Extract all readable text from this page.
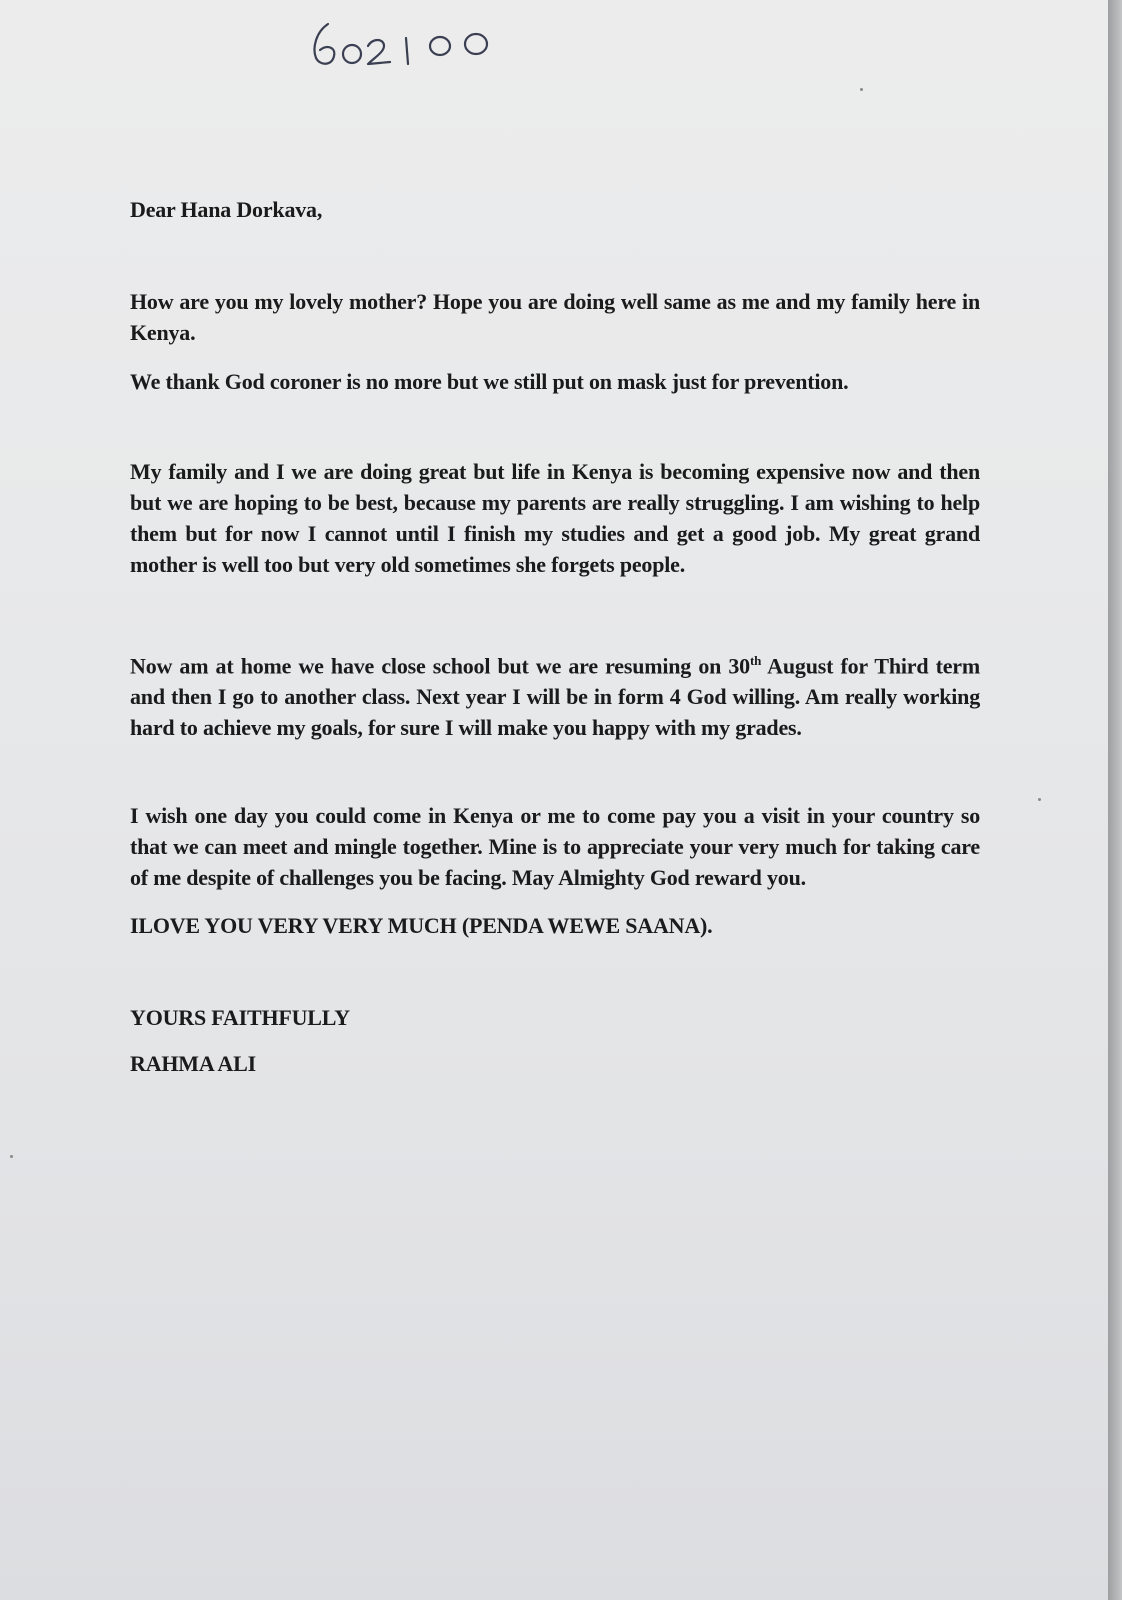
Dear Hana Dorkava,

How are you my lovely mother? Hope you are doing well same as me and my family here in Kenya.

We thank God coroner is no more but we still put on mask just for prevention.

My family and I we are doing great but life in Kenya is becoming expensive now and then but we are hoping to be best, because my parents are really struggling. I am wishing to help them but for now I cannot until I finish my studies and get a good job. My great grand mother is well too but very old sometimes she forgets people.

Now am at home we have close school but we are resuming on 30th August for Third term and then I go to another class. Next year I will be in form 4 God willing. Am really working hard to achieve my goals, for sure I will make you happy with my grades.

I wish one day you could come in Kenya or me to come pay you a visit in your country so that we can meet and mingle together. Mine is to appreciate your very much for taking care of me despite of challenges you be facing. May Almighty God reward you.

ILOVE YOU VERY VERY MUCH (PENDA WEWE SAANA).

YOURS FAITHFULLY

RAHMA ALI
